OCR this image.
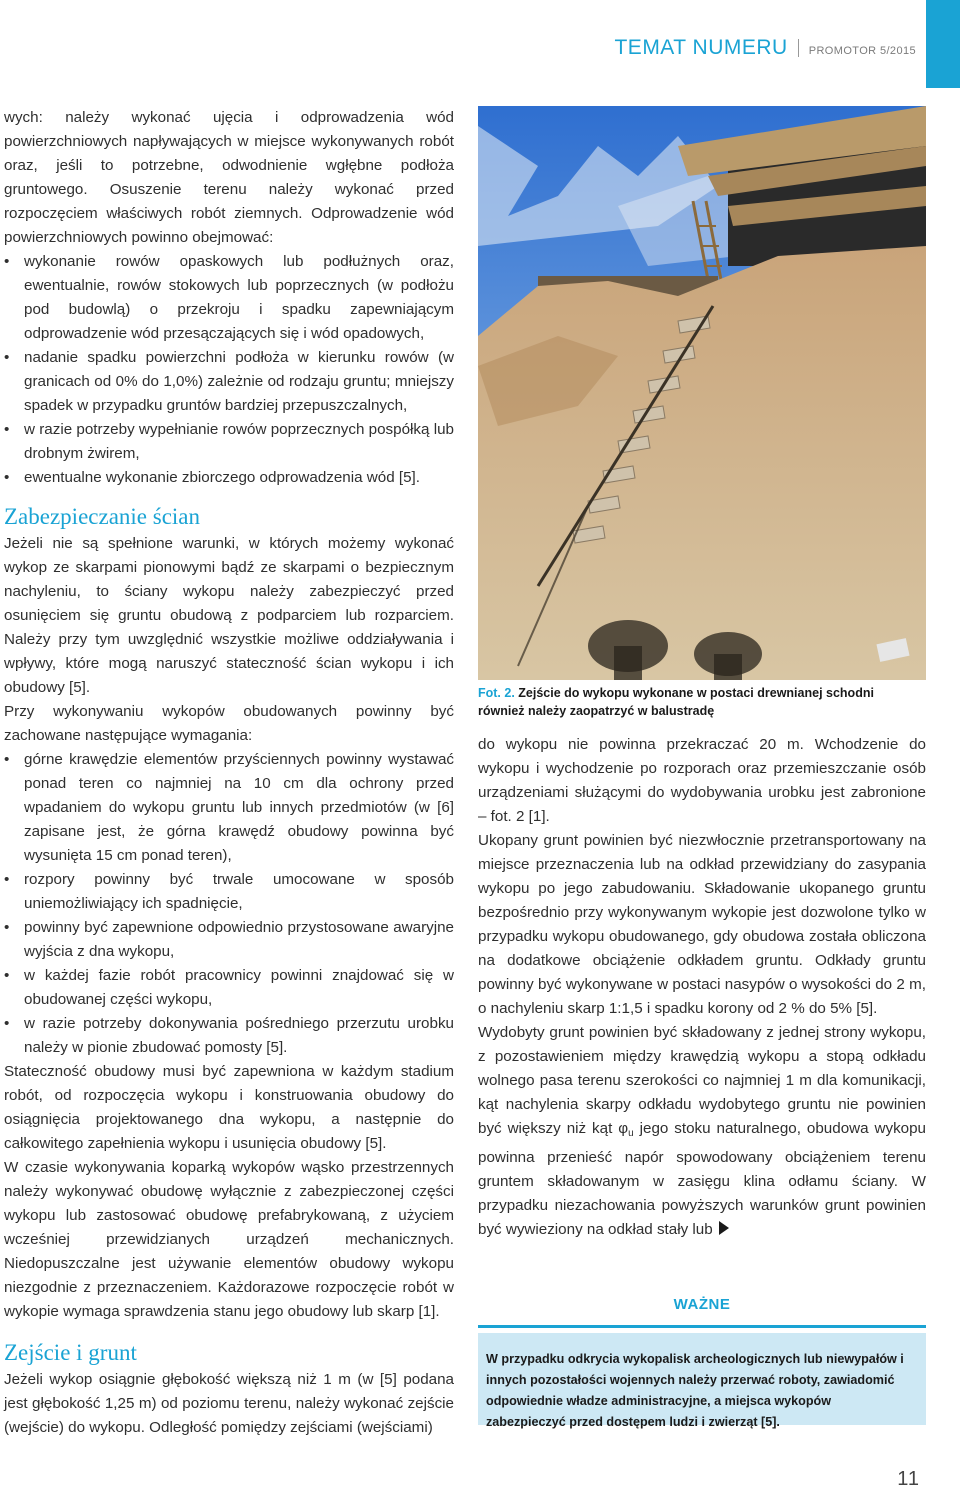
TEMAT NUMERU PROMOTOR 5/2015

wych: należy wykonać ujęcia i odprowadzenia wód powierzchniowych napływających w miejsce wykonywanych robót oraz, jeśli to potrzebne, odwodnienie wgłębne podłoża gruntowego. Osuszenie terenu należy wykonać przed rozpoczęciem właściwych robót ziemnych. Odprowadzenie wód powierzchniowych powinno obejmować:

• wykonanie rowów opaskowych lub podłużnych oraz, ewentualnie, rowów stokowych lub poprzecznych (w podłożu pod budowlą) o przekroju i spadku zapewniającym odprowadzenie wód przesączających się i wód opadowych,
• nadanie spadku powierzchni podłoża w kierunku rowów (w granicach od 0% do 1,0%) zależnie od rodzaju gruntu; mniejszy spadek w przypadku gruntów bardziej przepuszczalnych,
• w razie potrzeby wypełnianie rowów poprzecznych pospółką lub drobnym żwirem,
• ewentualne wykonanie zbiorczego odprowadzenia wód [5].
Zabezpieczanie ścian

Jeżeli nie są spełnione warunki, w których możemy wykonać wykop ze skarpami pionowymi bądź ze skarpami o bezpiecznym nachyleniu, to ściany wykopu należy zabezpieczyć przed osunięciem się gruntu obudową z podparciem lub rozparciem. Należy przy tym uwzględnić wszystkie możliwe oddziaływania i wpływy, które mogą naruszyć stateczność ścian wykopu i ich obudowy [5].

Przy wykonywaniu wykopów obudowanych powinny być zachowane następujące wymagania:

• górne krawędzie elementów przyściennych powinny wystawać ponad teren co najmniej na 10 cm dla ochrony przed wpadaniem do wykopu gruntu lub innych przedmiotów (w [6] zapisane jest, że górna krawędź obudowy powinna być wysunięta 15 cm ponad teren),
• rozpory powinny być trwale umocowane w sposób uniemożliwiający ich spadnięcie,
• powinny być zapewnione odpowiednio przystosowane awaryjne wyjścia z dna wykopu,
• w każdej fazie robót pracownicy powinni znajdować się w obudowanej części wykopu,
• w razie potrzeby dokonywania pośredniego przerzutu urobku należy w pionie zbudować pomosty [5].

Stateczność obudowy musi być zapewniona w każdym stadium robót, od rozpoczęcia wykopu i konstruowania obudowy do osiągnięcia projektowanego dna wykopu, a następnie do całkowitego zapełnienia wykopu i usunięcia obudowy [5].

W czasie wykonywania koparką wykopów wąsko przestrzennych należy wykonywać obudowę wyłącznie z zabezpieczonej części wykopu lub zastosować obudowę prefabrykowaną, z użyciem wcześniej przewidzianych urządzeń mechanicznych. Niedopuszczalne jest używanie elementów obudowy wykopu niezgodnie z przeznaczeniem. Każdorazowe rozpoczęcie robót w wykopie wymaga sprawdzenia stanu jego obudowy lub skarp [1].

Zejście i grunt

Jeżeli wykop osiągnie głębokość większą niż 1 m (w [5] podana jest głębokość 1,25 m) od poziomu terenu, należy wykonać zejście (wejście) do wykopu. Odległość pomiędzy zejściami (wejściami)

Fot. 2. Zejście do wykopu wykonane w postaci drewnianej schodni również należy zaopatrzyć w balustradę

do wykopu nie powinna przekraczać 20 m. Wchodzenie do wykopu i wychodzenie po rozporach oraz przemieszczanie osób urządzeniami służącymi do wydobywania urobku jest zabronione – fot. 2 [1].

Ukopany grunt powinien być niezwłocznie przetransportowany na miejsce przeznaczenia lub na odkład przewidziany do zasypania wykopu po jego zabudowaniu. Składowanie ukopanego gruntu bezpośrednio przy wykonywanym wykopie jest dozwolone tylko w przypadku wykopu obudowanego, gdy obudowa została obliczona na dodatkowe obciążenie odkładem gruntu. Odkłady gruntu powinny być wykonywane w postaci nasypów o wysokości do 2 m, o nachyleniu skarp 1:1,5 i spadku korony od 2 % do 5% [5].

Wydobyty grunt powinien być składowany z jednej strony wykopu, z pozostawieniem między krawędzią wykopu a stopą odkładu wolnego pasa terenu szerokości co najmniej 1 m dla komunikacji, kąt nachylenia skarpy odkładu wydobytego gruntu nie powinien być większy niż kąt φu jego stoku naturalnego, obudowa wykopu powinna przenieść napór spowodowany obciążeniem terenu gruntem składowanym w zasięgu klina odłamu ściany. W przypadku niezachowania powyższych warunków grunt powinien być wywieziony na odkład stały lub

WAŻNE
W przypadku odkrycia wykopalisk archeologicznych lub niewypałów i innych pozostałości wojennych należy przerwać roboty, zawiadomić odpowiednie władze administracyjne, a miejsca wykopów zabezpieczyć przed dostępem ludzi i zwierząt [5].
11
